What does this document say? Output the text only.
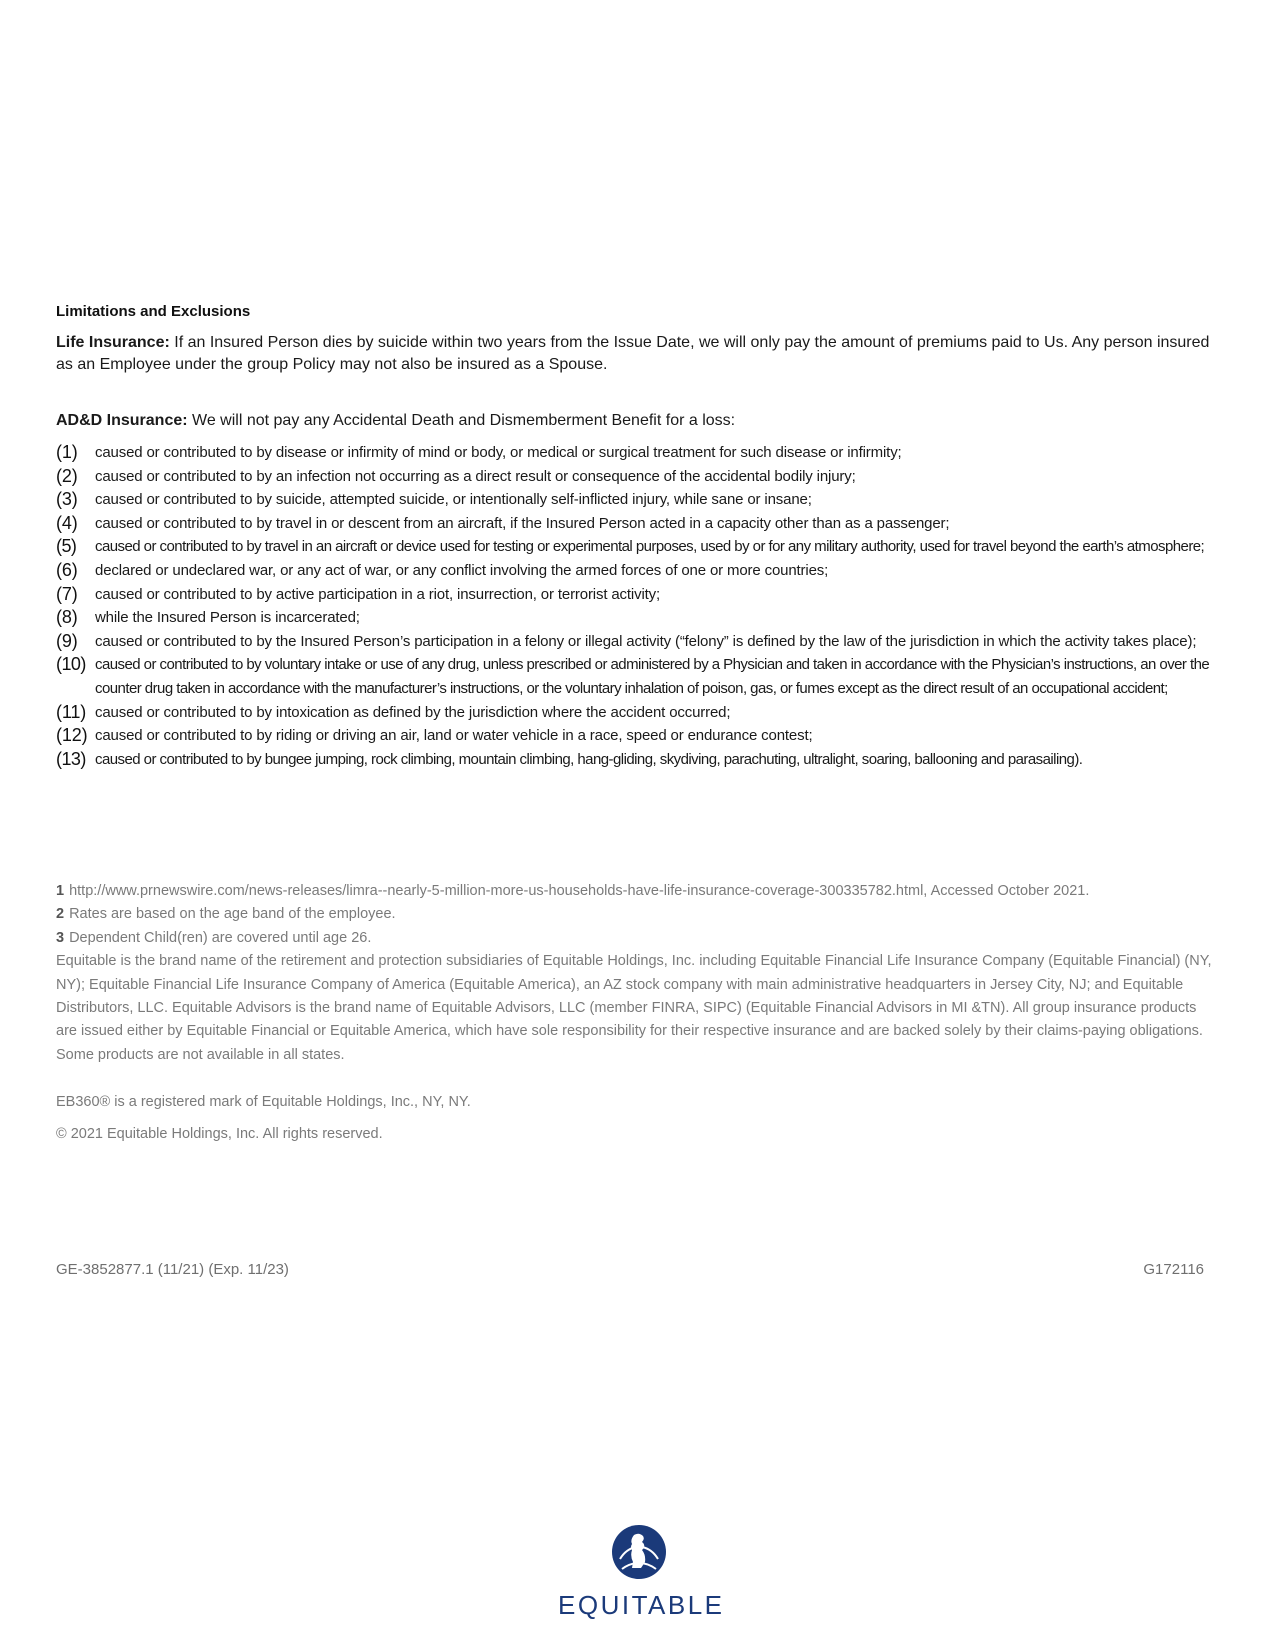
Limitations and Exclusions
Life Insurance: If an Insured Person dies by suicide within two years from the Issue Date, we will only pay the amount of premiums paid to Us. Any person insured as an Employee under the group Policy may not also be insured as a Spouse.
AD&D Insurance: We will not pay any Accidental Death and Dismemberment Benefit for a loss:
(1) caused or contributed to by disease or infirmity of mind or body, or medical or surgical treatment for such disease or infirmity;
(2) caused or contributed to by an infection not occurring as a direct result or consequence of the accidental bodily injury;
(3) caused or contributed to by suicide, attempted suicide, or intentionally self-inflicted injury, while sane or insane;
(4) caused or contributed to by travel in or descent from an aircraft, if the Insured Person acted in a capacity other than as a passenger;
(5) caused or contributed to by travel in an aircraft or device used for testing or experimental purposes, used by or for any military authority, used for travel beyond the earth’s atmosphere;
(6) declared or undeclared war, or any act of war, or any conflict involving the armed forces of one or more countries;
(7) caused or contributed to by active participation in a riot, insurrection, or terrorist activity;
(8) while the Insured Person is incarcerated;
(9) caused or contributed to by the Insured Person’s participation in a felony or illegal activity (“felony” is defined by the law of the jurisdiction in which the activity takes place);
(10) caused or contributed to by voluntary intake or use of any drug, unless prescribed or administered by a Physician and taken in accordance with the Physician’s instructions, an over the counter drug taken in accordance with the manufacturer’s instructions, or the voluntary inhalation of poison, gas, or fumes except as the direct result of an occupational accident;
(11) caused or contributed to by intoxication as defined by the jurisdiction where the accident occurred;
(12) caused or contributed to by riding or driving an air, land or water vehicle in a race, speed or endurance contest;
(13) caused or contributed to by bungee jumping, rock climbing, mountain climbing, hang-gliding, skydiving, parachuting, ultralight, soaring, ballooning and parasailing).
1 http://www.prnewswire.com/news-releases/limra--nearly-5-million-more-us-households-have-life-insurance-coverage-300335782.html, Accessed October 2021.
2 Rates are based on the age band of the employee.
3 Dependent Child(ren) are covered until age 26.
Equitable is the brand name of the retirement and protection subsidiaries of Equitable Holdings, Inc. including Equitable Financial Life Insurance Company (Equitable Financial) (NY, NY); Equitable Financial Life Insurance Company of America (Equitable America), an AZ stock company with main administrative headquarters in Jersey City, NJ; and Equitable Distributors, LLC. Equitable Advisors is the brand name of Equitable Advisors, LLC (member FINRA, SIPC) (Equitable Financial Advisors in MI &TN). All group insurance products are issued either by Equitable Financial or Equitable America, which have sole responsibility for their respective insurance and are backed solely by their claims-paying obligations. Some products are not available in all states.
EB360® is a registered mark of Equitable Holdings, Inc., NY, NY.
© 2021 Equitable Holdings, Inc. All rights reserved.
GE-3852877.1 (11/21) (Exp. 11/23)	G172116
EQUITABLE
